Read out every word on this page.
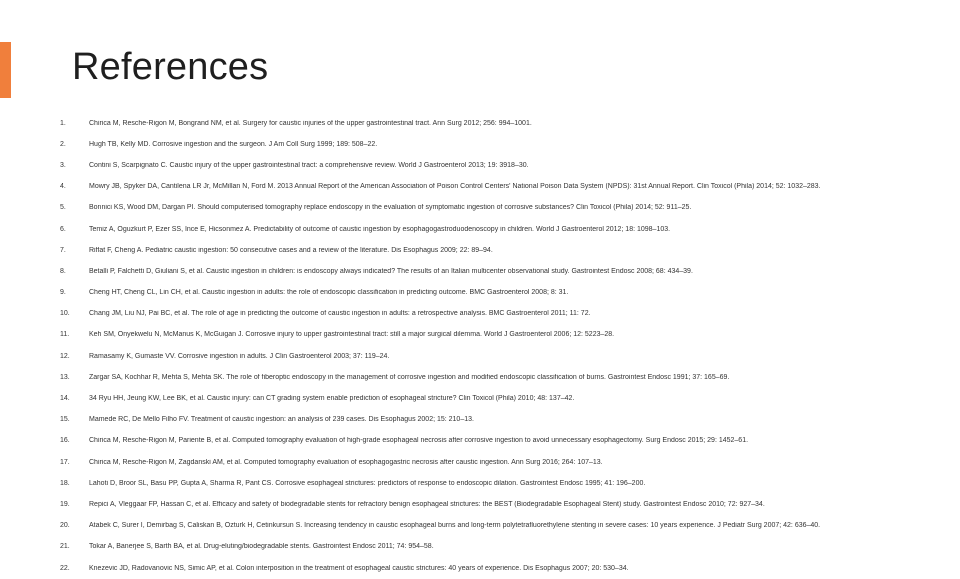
References
1.	Chirica M, Resche-Rigon M, Bongrand NM, et al. Surgery for caustic injuries of the upper gastrointestinal tract. Ann Surg 2012; 256: 994–1001.
2.	Hugh TB, Kelly MD. Corrosive ingestion and the surgeon. J Am Coll Surg 1999; 189: 508–22.
3.	Contini S, Scarpignato C. Caustic injury of the upper gastrointestinal tract: a comprehensive review. World J Gastroenterol 2013; 19: 3918–30.
4.	Mowry JB, Spyker DA, Cantilena LR Jr, McMillan N, Ford M. 2013 Annual Report of the American Association of Poison Control Centers' National Poison Data System (NPDS): 31st Annual Report. Clin Toxicol (Phila) 2014; 52: 1032–283.
5.	Bonnici KS, Wood DM, Dargan PI. Should computerised tomography replace endoscopy in the evaluation of symptomatic ingestion of corrosive substances? Clin Toxicol (Phila) 2014; 52: 911–25.
6.	Temiz A, Oguzkurt P, Ezer SS, Ince E, Hicsonmez A. Predictability of outcome of caustic ingestion by esophagogastroduodenoscopy in children. World J Gastroenterol 2012; 18: 1098–103.
7.	Riffat F, Cheng A. Pediatric caustic ingestion: 50 consecutive cases and a review of the literature. Dis Esophagus 2009; 22: 89–94.
8.	Betalli P, Falchetti D, Giuliani S, et al. Caustic ingestion in children: is endoscopy always indicated? The results of an Italian multicenter observational study. Gastrointest Endosc 2008; 68: 434–39.
9.	Cheng HT, Cheng CL, Lin CH, et al. Caustic ingestion in adults: the role of endoscopic classification in predicting outcome. BMC Gastroenterol 2008; 8: 31.
10.	Chang JM, Liu NJ, Pai BC, et al. The role of age in predicting the outcome of caustic ingestion in adults: a retrospective analysis. BMC Gastroenterol 2011; 11: 72.
11.	Keh SM, Onyekwelu N, McManus K, McGuigan J. Corrosive injury to upper gastrointestinal tract: still a major surgical dilemma. World J Gastroenterol 2006; 12: 5223–28.
12.	Ramasamy K, Gumaste VV. Corrosive ingestion in adults. J Clin Gastroenterol 2003; 37: 119–24.
13.	Zargar SA, Kochhar R, Mehta S, Mehta SK. The role of fiberoptic endoscopy in the management of corrosive ingestion and modified endoscopic classification of burns. Gastrointest Endosc 1991; 37: 165–69.
14.	34 Ryu HH, Jeung KW, Lee BK, et al. Caustic injury: can CT grading system enable prediction of esophageal stricture? Clin Toxicol (Phila) 2010; 48: 137–42.
15.	Mamede RC, De Mello Filho FV. Treatment of caustic ingestion: an analysis of 239 cases. Dis Esophagus 2002; 15: 210–13.
16.	Chirica M, Resche-Rigon M, Pariente B, et al. Computed tomography evaluation of high-grade esophageal necrosis after corrosive ingestion to avoid unnecessary esophagectomy. Surg Endosc 2015; 29: 1452–61.
17.	Chirica M, Resche-Rigon M, Zagdanski AM, et al. Computed tomography evaluation of esophagogastric necrosis after caustic ingestion. Ann Surg 2016; 264: 107–13.
18.	Lahoti D, Broor SL, Basu PP, Gupta A, Sharma R, Pant CS. Corrosive esophageal strictures: predictors of response to endoscopic dilation. Gastrointest Endosc 1995; 41: 196–200.
19.	Repici A, Vleggaar FP, Hassan C, et al. Efficacy and safety of biodegradable stents for refractory benign esophageal strictures: the BEST (Biodegradable Esophageal Stent) study. Gastrointest Endosc 2010; 72: 927–34.
20.	Atabek C, Surer I, Demirbag S, Caliskan B, Ozturk H, Cetinkursun S. Increasing tendency in caustic esophageal burns and long-term polytetrafluorethylene stenting in severe cases: 10 years experience. J Pediatr Surg 2007; 42: 636–40.
21.	Tokar A, Banerjee S, Barth BA, et al. Drug-eluting/biodegradable stents. Gastrointest Endosc 2011; 74: 954–58.
22.	Knezevic JD, Radovanovic NS, Simic AP, et al. Colon interposition in the treatment of esophageal caustic strictures: 40 years of experience. Dis Esophagus 2007; 20: 530–34.
